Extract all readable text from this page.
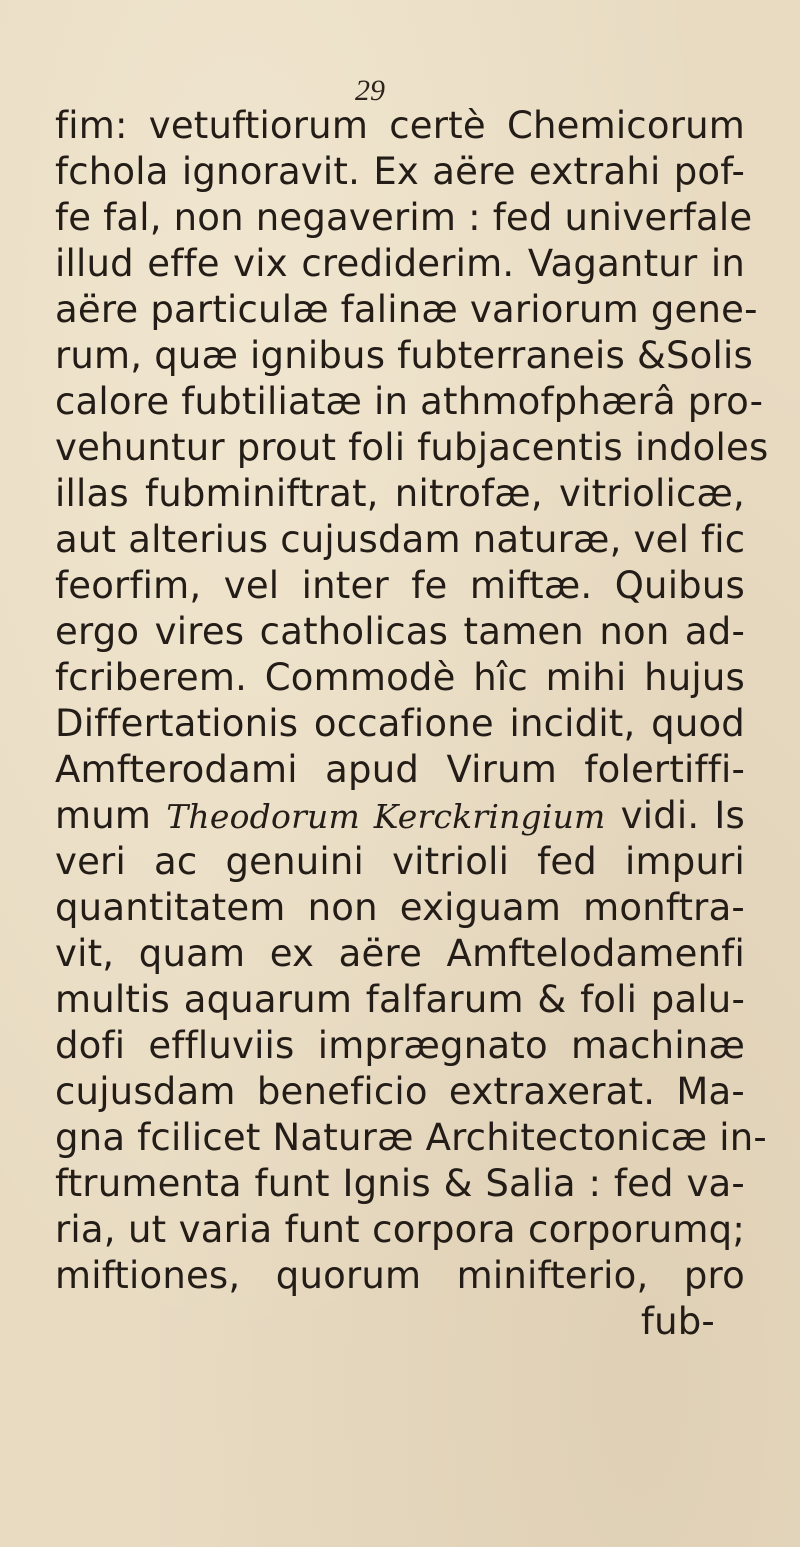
29
fim: vetuftiorum certè Chemicorum
fchola ignoravit. Ex aëre extrahi pof-
fe fal, non negaverim : fed univerfale
illud effe vix crediderim. Vagantur in
aëre particulæ falinæ variorum gene-
rum, quæ ignibus fubterraneis &Solis
calore fubtiliatæ in athmofphærâ pro-
vehuntur prout foli fubjacentis indoles
illas fubminiftrat, nitrofæ, vitriolicæ,
aut alterius cujusdam naturæ, vel fic
feorfim, vel inter fe miftæ. Quibus
ergo vires catholicas tamen non ad-
fcriberem. Commodè hîc mihi hujus
Differtationis occafione incidit, quod
Amfterodami apud Virum folertiffi-
mum Theodorum Kerckringium vidi. Is
veri ac genuini vitrioli fed impuri
quantitatem non exiguam monftra-
vit, quam ex aëre Amftelodamenfi
multis aquarum falfarum & foli palu-
dofi effluviis imprægnato machinæ
cujusdam beneficio extraxerat. Ma-
gna fcilicet Naturæ Architectonicæ in-
ftrumenta funt Ignis & Salia : fed va-
ria, ut varia funt corpora corporumq;
miftiones, quorum minifterio, pro
fub-
